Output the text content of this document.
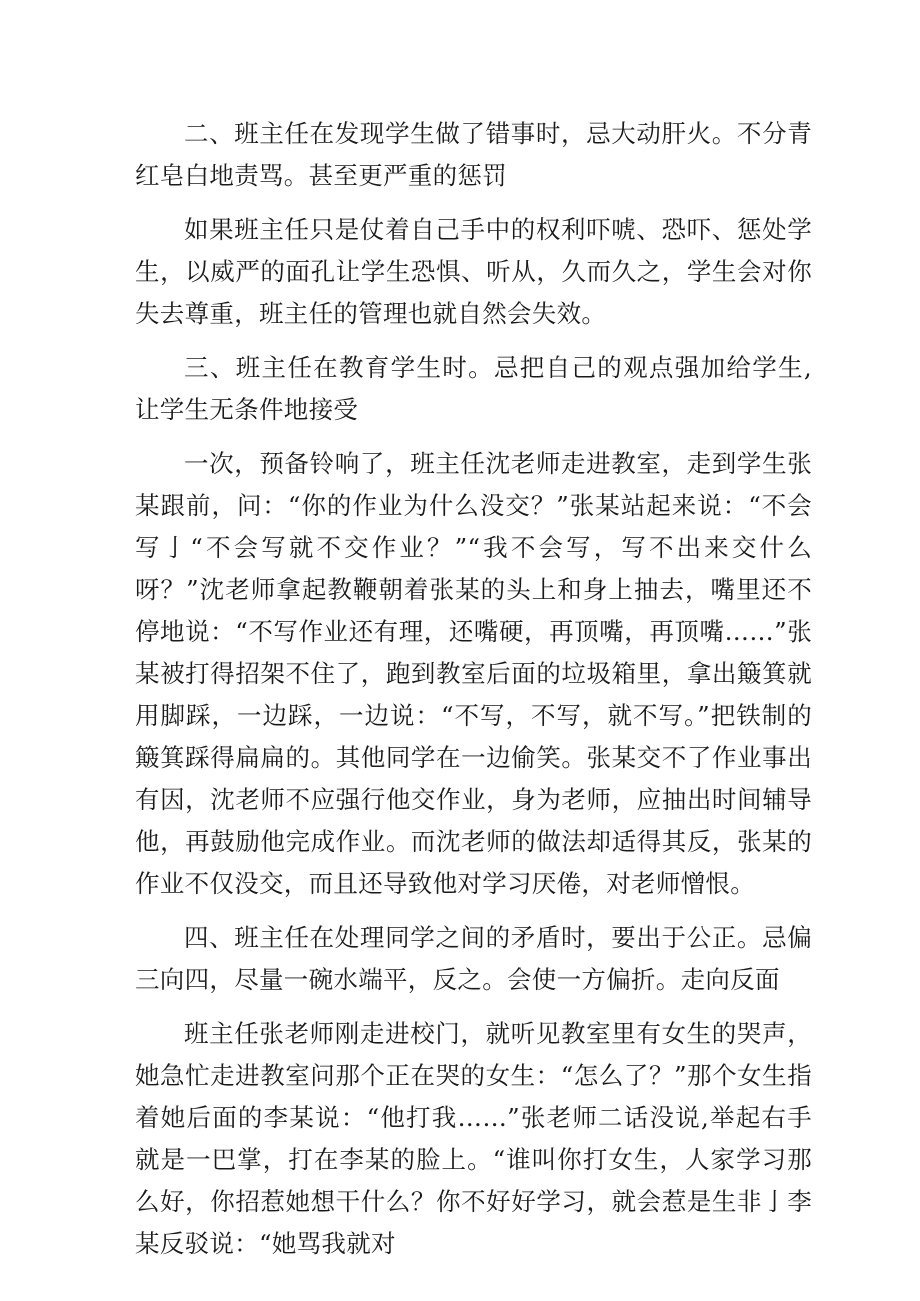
二、班主任在发现学生做了错事时，忌大动肝火。不分青红皂白地责骂。甚至更严重的惩罚

如果班主任只是仗着自己手中的权利吓唬、恐吓、惩处学生，以威严的面孔让学生恐惧、听从，久而久之，学生会对你失去尊重，班主任的管理也就自然会失效。

三、班主任在教育学生时。忌把自己的观点强加给学生,让学生无条件地接受

一次，预备铃响了，班主任沈老师走进教室，走到学生张某跟前，问：“你的作业为什么没交？”张某站起来说：“不会写亅“不会写就不交作业？”“我不会写，写不出来交什么呀？”沈老师拿起教鞭朝着张某的头上和身上抽去，嘴里还不停地说：“不写作业还有理，还嘴硬，再顶嘴，再顶嘴……”张某被打得招架不住了，跑到教室后面的垃圾箱里，拿出簸箕就用脚踩，一边踩，一边说：“不写，不写，就不写。”把铁制的簸箕踩得扁扁的。其他同学在一边偷笑。张某交不了作业事出有因，沈老师不应强行他交作业，身为老师，应抽出时间辅导他，再鼓励他完成作业。而沈老师的做法却适得其反，张某的作业不仅没交，而且还导致他对学习厌倦，对老师憎恨。

四、班主任在处理同学之间的矛盾时，要出于公正。忌偏三向四，尽量一碗水端平，反之。会使一方偏折。走向反面

班主任张老师刚走进校门，就听见教室里有女生的哭声，她急忙走进教室问那个正在哭的女生：“怎么了？”那个女生指着她后面的李某说：“他打我……”张老师二话没说,举起右手就是一巴掌，打在李某的脸上。“谁叫你打女生，人家学习那么好，你招惹她想干什么？你不好好学习，就会惹是生非亅李某反驳说：“她骂我就对
